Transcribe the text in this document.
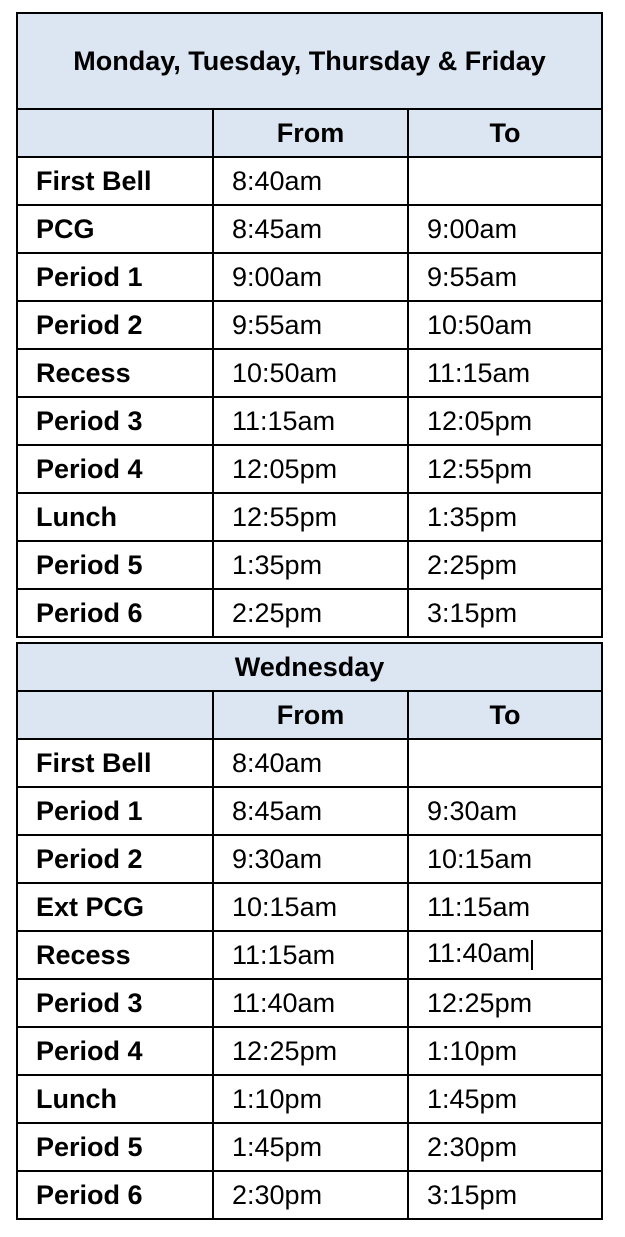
Monday, Tuesday, Thursday & Friday		
	From	To
First Bell	8:40am	
PCG	8:45am	9:00am
Period 1	9:00am	9:55am
Period 2	9:55am	10:50am
Recess	10:50am	11:15am
Period 3	11:15am	12:05pm
Period 4	12:05pm	12:55pm
Lunch	12:55pm	1:35pm
Period 5	1:35pm	2:25pm
Period 6	2:25pm	3:15pm
Wednesday		
	From	To
First Bell	8:40am	
Period 1	8:45am	9:30am
Period 2	9:30am	10:15am
Ext PCG	10:15am	11:15am
Recess	11:15am	11:40am
Period 3	11:40am	12:25pm
Period 4	12:25pm	1:10pm
Lunch	1:10pm	1:45pm
Period 5	1:45pm	2:30pm
Period 6	2:30pm	3:15pm
